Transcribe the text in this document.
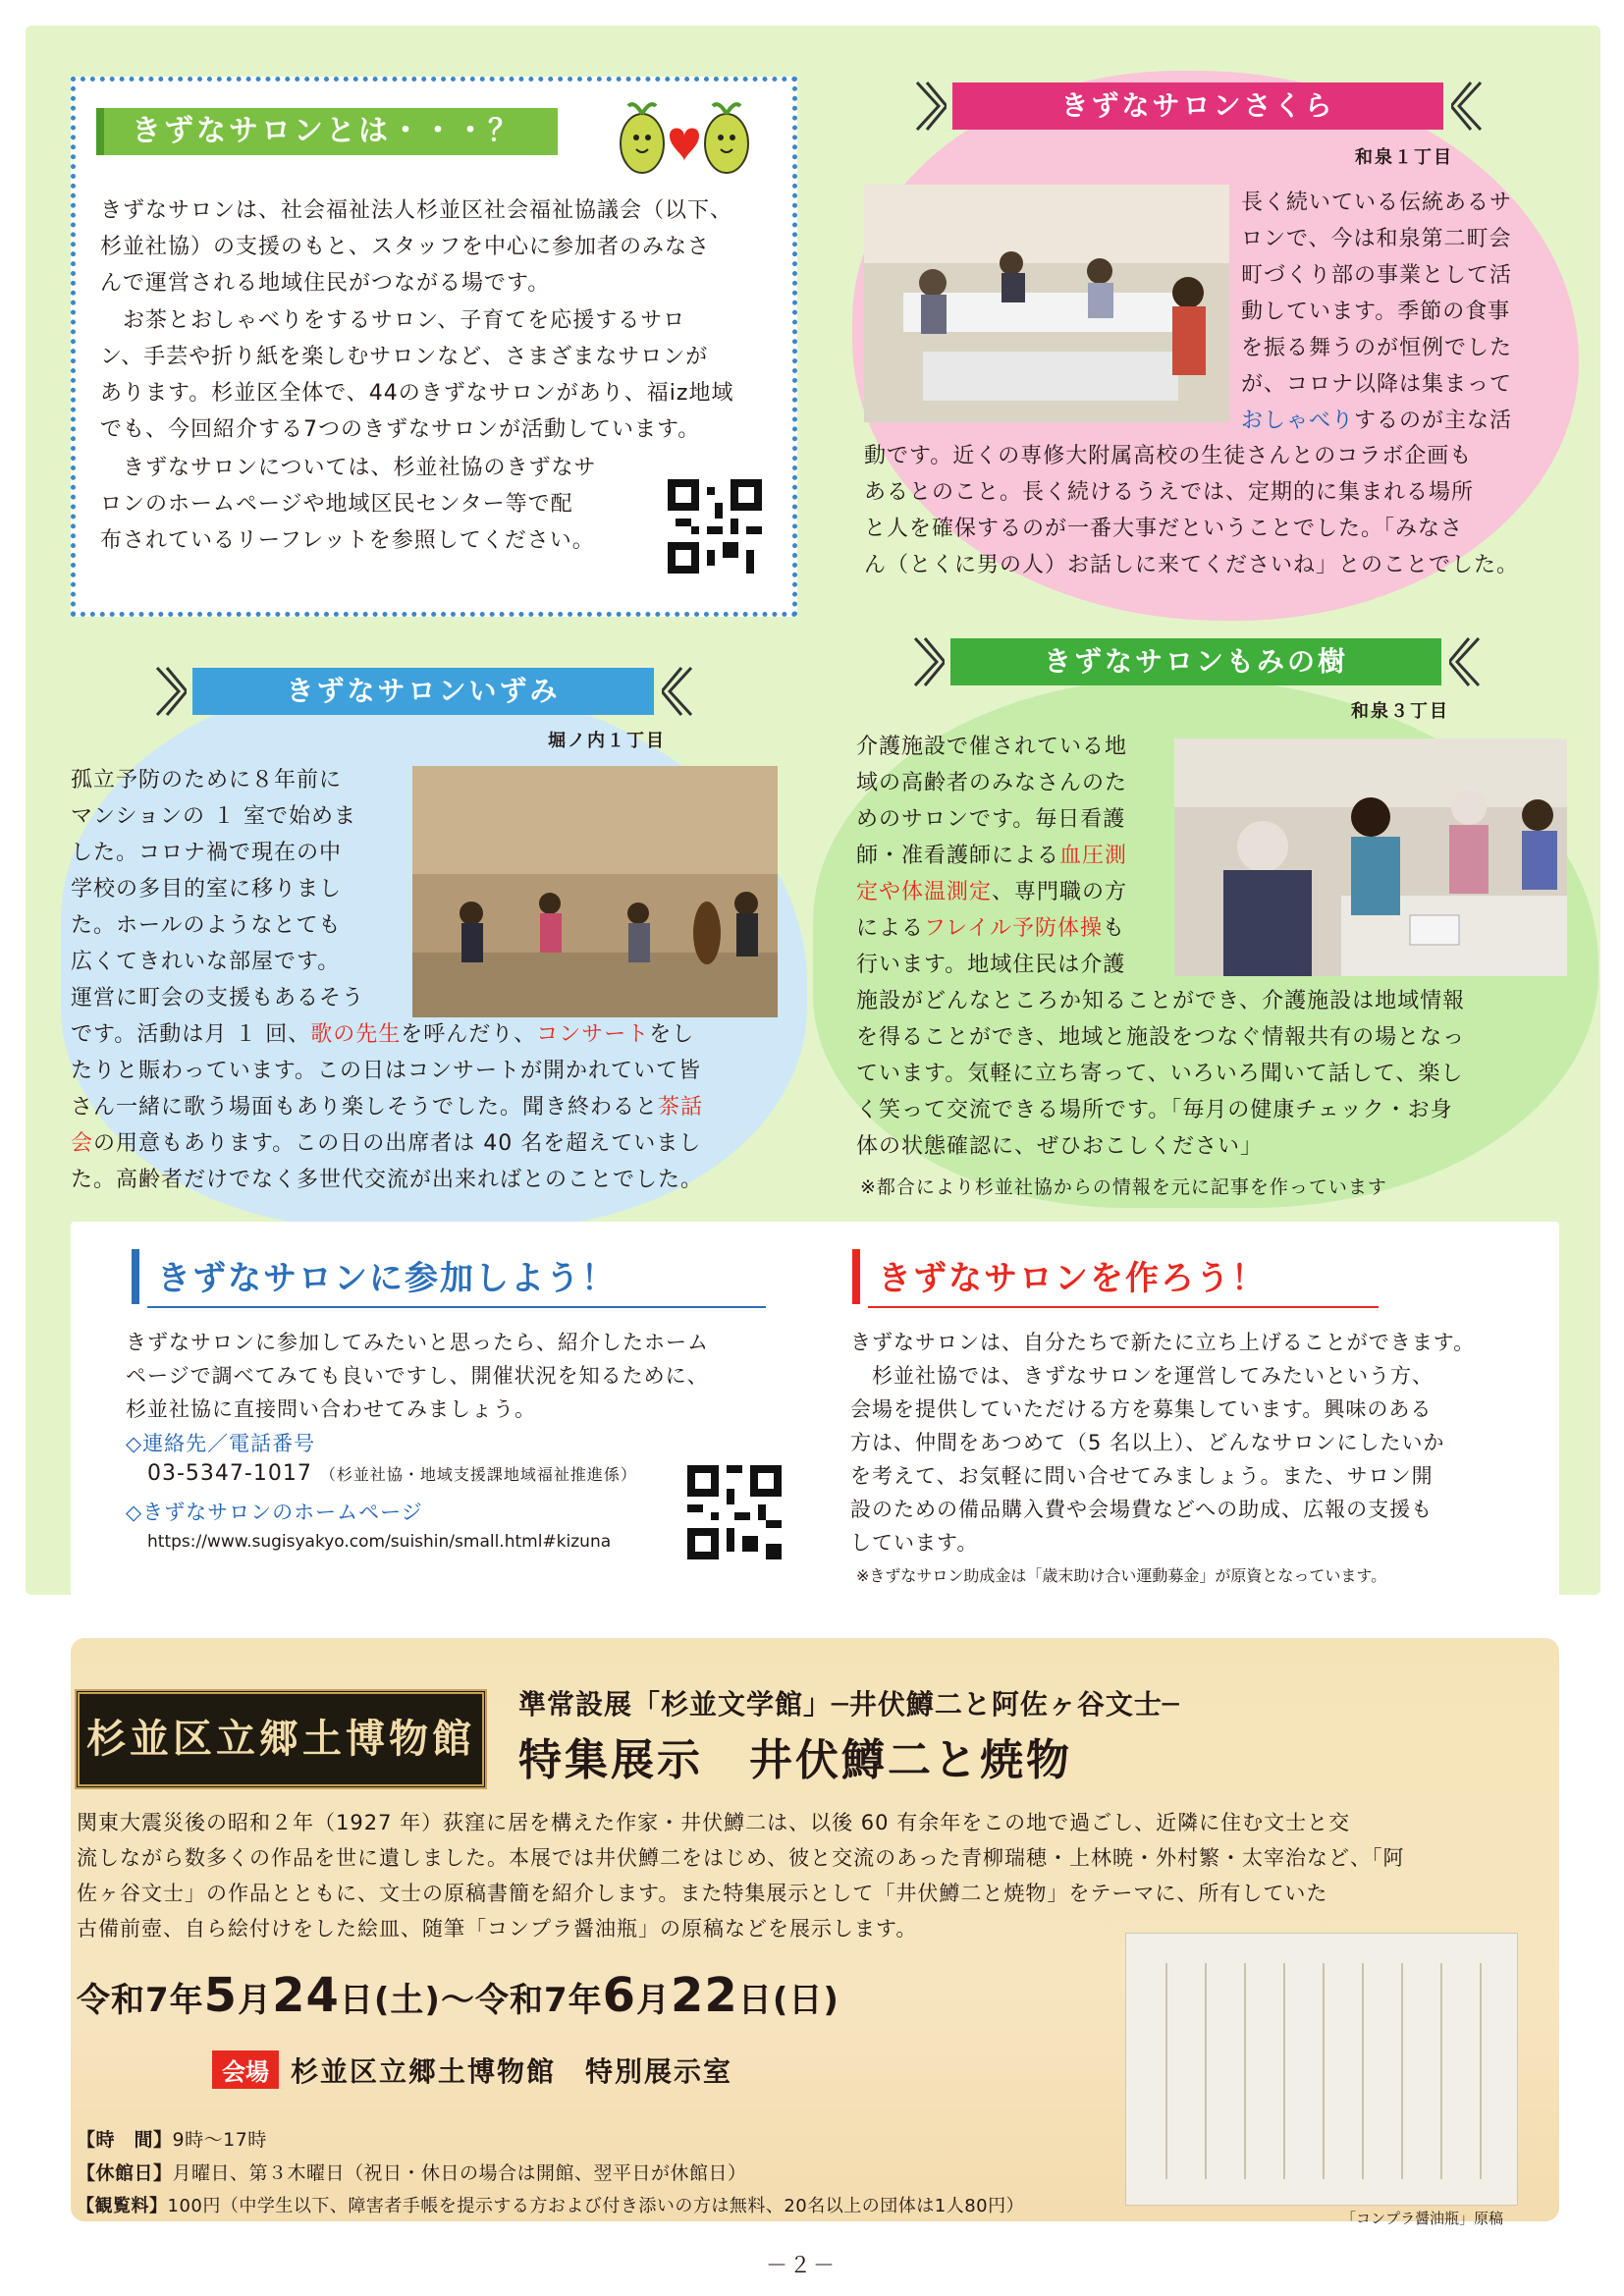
きずなサロンとは・・・？
きずなサロンは、社会福祉法人杉並区社会福祉協議会（以下、
杉並社協）の支援のもと、スタッフを中心に参加者のみなさ
んで運営される地域住民がつながる場です。
　お茶とおしゃべりをするサロン、子育てを応援するサロ
ン、手芸や折り紙を楽しむサロンなど、さまざまなサロンが
あります。杉並区全体で、44のきずなサロンがあり、福iz地域
でも、今回紹介する7つのきずなサロンが活動しています。
　きずなサロンについては、杉並社協のきずなサ
ロンのホームページや地域区民センター等で配
布されているリーフレットを参照してください。
きずなサロンさくら
和泉１丁目
長く続いている伝統あるサ
ロンで、今は和泉第二町会
町づくり部の事業として活
動しています。季節の食事
を振る舞うのが恒例でした
が、コロナ以降は集まって
おしゃべりするのが主な活
動です。近くの専修大附属高校の生徒さんとのコラボ企画も
あるとのこと。長く続けるうえでは、定期的に集まれる場所
と人を確保するのが一番大事だということでした。「みなさ
ん（とくに男の人）お話しに来てくださいね」とのことでした。
きずなサロンいずみ
堀ノ内１丁目
孤立予防のために８年前に
マンションの １ 室で始めま
した。コロナ禍で現在の中
学校の多目的室に移りまし
た。ホールのようなとても
広くてきれいな部屋です。
運営に町会の支援もあるそう
です。活動は月 １ 回、歌の先生を呼んだり、コンサートをし
たりと賑わっています。この日はコンサートが開かれていて皆
さん一緒に歌う場面もあり楽しそうでした。聞き終わると茶話
会の用意もあります。この日の出席者は 40 名を超えていまし
た。高齢者だけでなく多世代交流が出来ればとのことでした。
きずなサロンもみの樹
和泉３丁目
介護施設で催されている地
域の高齢者のみなさんのた
めのサロンです。毎日看護
師・准看護師による血圧測
定や体温測定、専門職の方
によるフレイル予防体操も
行います。地域住民は介護
施設がどんなところか知ることができ、介護施設は地域情報
を得ることができ、地域と施設をつなぐ情報共有の場となっ
ています。気軽に立ち寄って、いろいろ聞いて話して、楽し
く笑って交流できる場所です。「毎月の健康チェック・お身
体の状態確認に、ぜひおこしください」
※都合により杉並社協からの情報を元に記事を作っています
きずなサロンに参加しよう！
きずなサロンに参加してみたいと思ったら、紹介したホーム
ページで調べてみても良いですし、開催状況を知るために、
杉並社協に直接問い合わせてみましょう。
◇連絡先／電話番号
03-5347-1017 （杉並社協・地域支援課地域福祉推進係）
◇きずなサロンのホームページ
https://www.sugisyakyo.com/suishin/small.html#kizuna
きずなサロンを作ろう！
きずなサロンは、自分たちで新たに立ち上げることができます。
　杉並社協では、きずなサロンを運営してみたいという方、
会場を提供していただける方を募集しています。興味のある
方は、仲間をあつめて（5 名以上）、どんなサロンにしたいか
を考えて、お気軽に問い合せてみましょう。また、サロン開
設のための備品購入費や会場費などへの助成、広報の支援も
しています。
※きずなサロン助成金は「歳末助け合い運動募金」が原資となっています。
杉並区立郷土博物館
準常設展「杉並文学館」─井伏鱒二と阿佐ヶ谷文士─
特集展示　井伏鱒二と焼物
関東大震災後の昭和２年（1927 年）荻窪に居を構えた作家・井伏鱒二は、以後 60 有余年をこの地で過ごし、近隣に住む文士と交
流しながら数多くの作品を世に遺しました。本展では井伏鱒二をはじめ、彼と交流のあった青柳瑞穂・上林暁・外村繁・太宰治など、「阿
佐ヶ谷文士」の作品とともに、文士の原稿書簡を紹介します。また特集展示として「井伏鱒二と焼物」をテーマに、所有していた
古備前壺、自ら絵付けをした絵皿、随筆「コンプラ醤油瓶」の原稿などを展示します。
令和7年5月24日(土)～令和7年6月22日(日)
会場 杉並区立郷土博物館　特別展示室
【時　間】9時～17時
【休館日】月曜日、第３木曜日（祝日・休日の場合は開館、翌平日が休館日）
【観覧料】100円（中学生以下、障害者手帳を提示する方および付き添いの方は無料、20名以上の団体は1人80円）
「コンプラ醤油瓶」原稿
－２－
